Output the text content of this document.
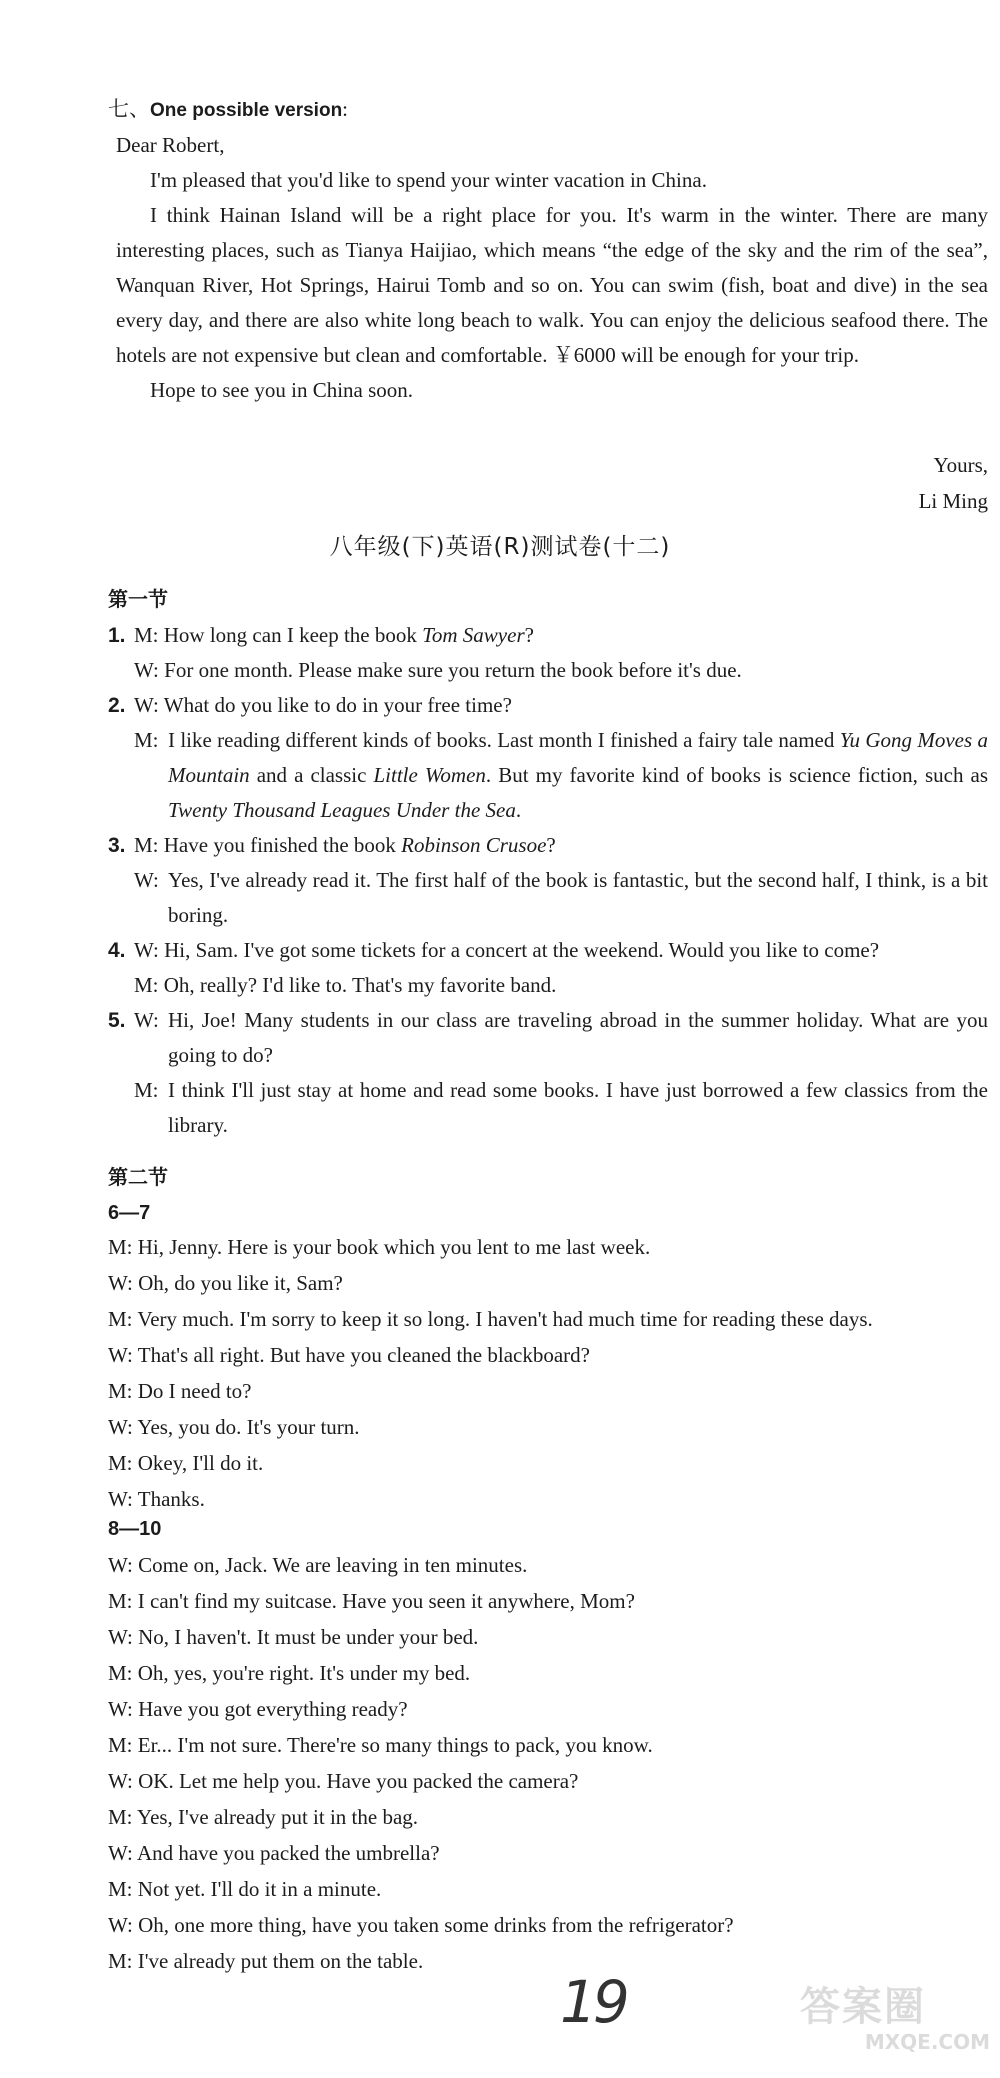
七、One possible version:

Dear Robert,

I'm pleased that you'd like to spend your winter vacation in China.

I think Hainan Island will be a right place for you. It's warm in the winter. There are many interesting places, such as Tianya Haijiao, which means “the edge of the sky and the rim of the sea”, Wanquan River, Hot Springs, Hairui Tomb and so on. You can swim (fish, boat and dive) in the sea every day, and there are also white long beach to walk. You can enjoy the delicious seafood there. The hotels are not expensive but clean and comfortable. ￥6000 will be enough for your trip.

Hope to see you in China soon.

Yours,
Li Ming
八年级(下)英语(R)测试卷(十二)
第一节
1. M: How long can I keep the book Tom Sawyer?
W: For one month. Please make sure you return the book before it's due.
2. W: What do you like to do in your free time?
M: I like reading different kinds of books. Last month I finished a fairy tale named Yu Gong Moves a Mountain and a classic Little Women. But my favorite kind of books is science fiction, such as Twenty Thousand Leagues Under the Sea.
3. M: Have you finished the book Robinson Crusoe?
W: Yes, I've already read it. The first half of the book is fantastic, but the second half, I think, is a bit boring.
4. W: Hi, Sam. I've got some tickets for a concert at the weekend. Would you like to come?
M: Oh, really? I'd like to. That's my favorite band.
5. W: Hi, Joe! Many students in our class are traveling abroad in the summer holiday. What are you going to do?
M: I think I'll just stay at home and read some books. I have just borrowed a few classics from the library.
第二节
6—7
M: Hi, Jenny. Here is your book which you lent to me last week.
W: Oh, do you like it, Sam?
M: Very much. I'm sorry to keep it so long. I haven't had much time for reading these days.
W: That's all right. But have you cleaned the blackboard?
M: Do I need to?
W: Yes, you do. It's your turn.
M: Okey, I'll do it.
W: Thanks.
8—10
W: Come on, Jack. We are leaving in ten minutes.
M: I can't find my suitcase. Have you seen it anywhere, Mom?
W: No, I haven't. It must be under your bed.
M: Oh, yes, you're right. It's under my bed.
W: Have you got everything ready?
M: Er... I'm not sure. There're so many things to pack, you know.
W: OK. Let me help you. Have you packed the camera?
M: Yes, I've already put it in the bag.
W: And have you packed the umbrella?
M: Not yet. I'll do it in a minute.
W: Oh, one more thing, have you taken some drinks from the refrigerator?
M: I've already put them on the table.
19	答案圈
MXQE.COM
